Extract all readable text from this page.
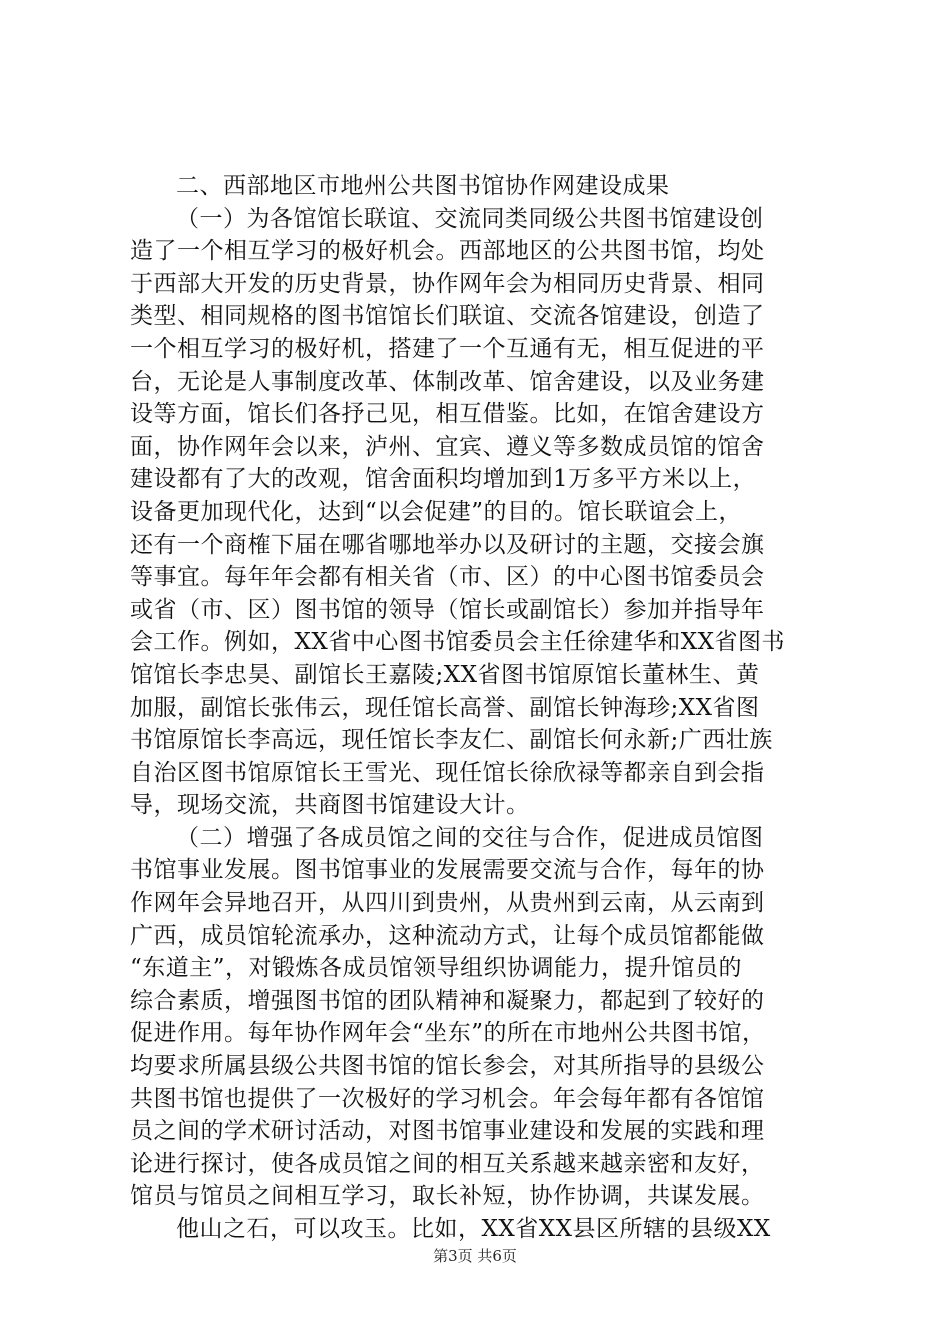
二、西部地区市地州公共图书馆协作网建设成果
（一）为各馆馆长联谊、交流同类同级公共图书馆建设创
造了一个相互学习的极好机会。西部地区的公共图书馆，均处
于西部大开发的历史背景，协作网年会为相同历史背景、相同
类型、相同规格的图书馆馆长们联谊、交流各馆建设，创造了
一个相互学习的极好机，搭建了一个互通有无，相互促进的平
台，无论是人事制度改革、体制改革、馆舍建设，以及业务建
设等方面，馆长们各抒己见，相互借鉴。比如，在馆舍建设方
面，协作网年会以来，泸州、宜宾、遵义等多数成员馆的馆舍
建设都有了大的改观，馆舍面积均增加到1万多平方米以上，
设备更加现代化，达到“以会促建”的目的。馆长联谊会上，
还有一个商榷下届在哪省哪地举办以及研讨的主题，交接会旗
等事宜。每年年会都有相关省（市、区）的中心图书馆委员会
或省（市、区）图书馆的领导（馆长或副馆长）参加并指导年
会工作。例如，XX省中心图书馆委员会主任徐建华和XX省图书
馆馆长李忠昊、副馆长王嘉陵;XX省图书馆原馆长董林生、黄
加服，副馆长张伟云，现任馆长高誉、副馆长钟海珍;XX省图
书馆原馆长李高远，现任馆长李友仁、副馆长何永新;广西壮族
自治区图书馆原馆长王雪光、现任馆长徐欣禄等都亲自到会指
导，现场交流，共商图书馆建设大计。
（二）增强了各成员馆之间的交往与合作，促进成员馆图
书馆事业发展。图书馆事业的发展需要交流与合作，每年的协
作网年会异地召开，从四川到贵州，从贵州到云南，从云南到
广西，成员馆轮流承办，这种流动方式，让每个成员馆都能做
“东道主”，对锻炼各成员馆领导组织协调能力，提升馆员的
综合素质，增强图书馆的团队精神和凝聚力，都起到了较好的
促进作用。每年协作网年会“坐东”的所在市地州公共图书馆，
均要求所属县级公共图书馆的馆长参会，对其所指导的县级公
共图书馆也提供了一次极好的学习机会。年会每年都有各馆馆
员之间的学术研讨活动，对图书馆事业建设和发展的实践和理
论进行探讨，使各成员馆之间的相互关系越来越亲密和友好，
馆员与馆员之间相互学习，取长补短，协作协调，共谋发展。
他山之石，可以攻玉。比如，XX省XX县区所辖的县级XX
第3页 共6页
